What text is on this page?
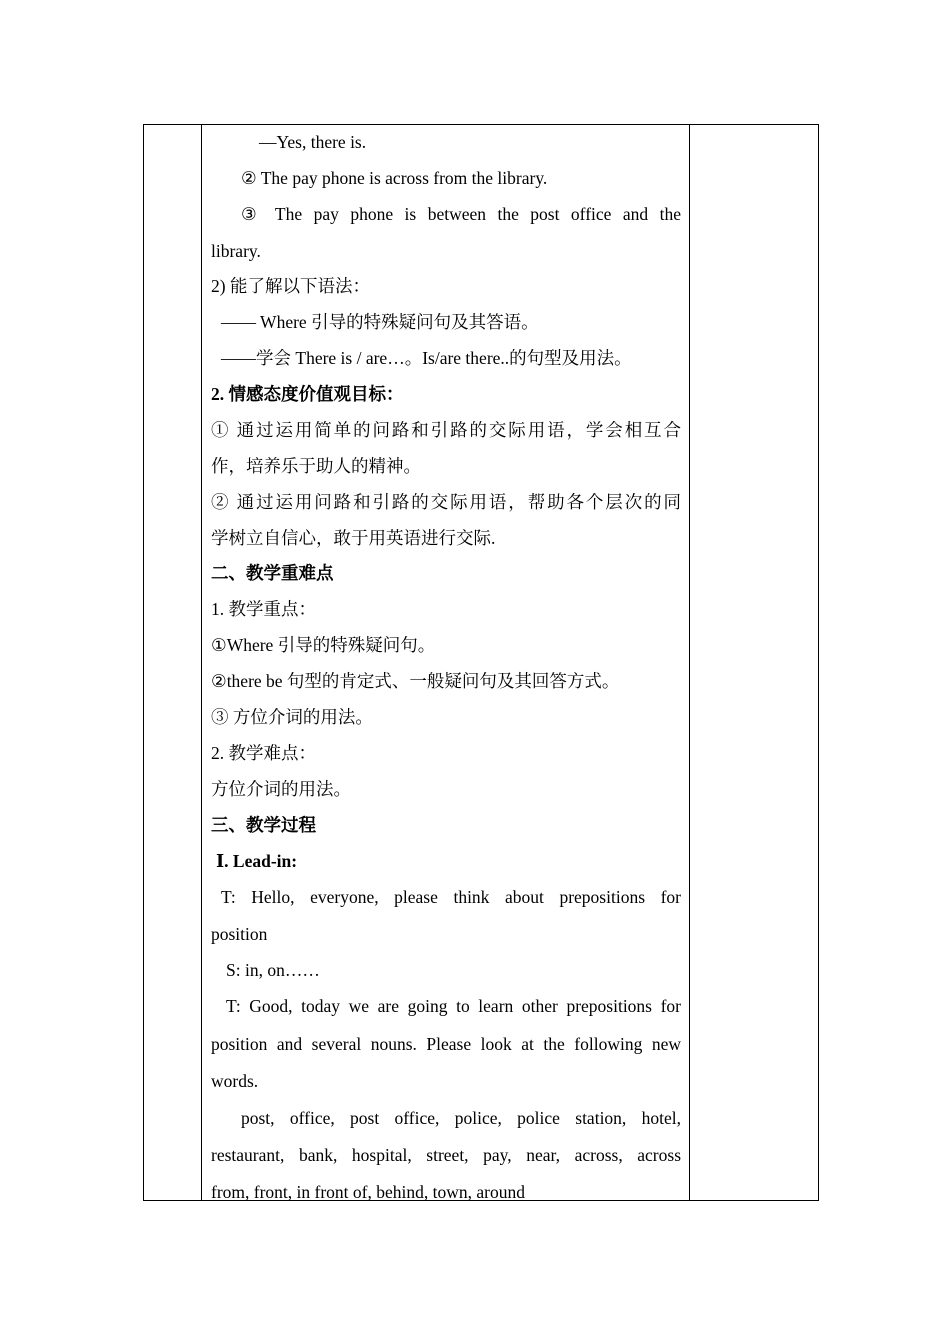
—Yes, there is.
② The pay phone is across from the library.
③ The pay phone is between the post office and the
library.
2) 能了解以下语法：
—— Where 引导的特殊疑问句及其答语。
——学会 There is / are…。Is/are there..的句型及用法。
2. 情感态度价值观目标：
① 通过运用简单的问路和引路的交际用语，学会相互合
作，培养乐于助人的精神。
② 通过运用问路和引路的交际用语，帮助各个层次的同
学树立自信心，敢于用英语进行交际.
二、教学重难点
1. 教学重点：
①Where 引导的特殊疑问句。
②there be 句型的肯定式、一般疑问句及其回答方式。
③ 方位介词的用法。
2. 教学难点：
方位介词的用法。
三、教学过程
Ⅰ. Lead-in:
T: Hello, everyone, please think about prepositions for
position
S: in, on……
T: Good, today we are going to learn other prepositions for
position and several nouns. Please look at the following new
words.
post, office, post office, police, police station, hotel,
restaurant, bank, hospital, street, pay, near, across, across
from, front, in front of, behind, town, around
